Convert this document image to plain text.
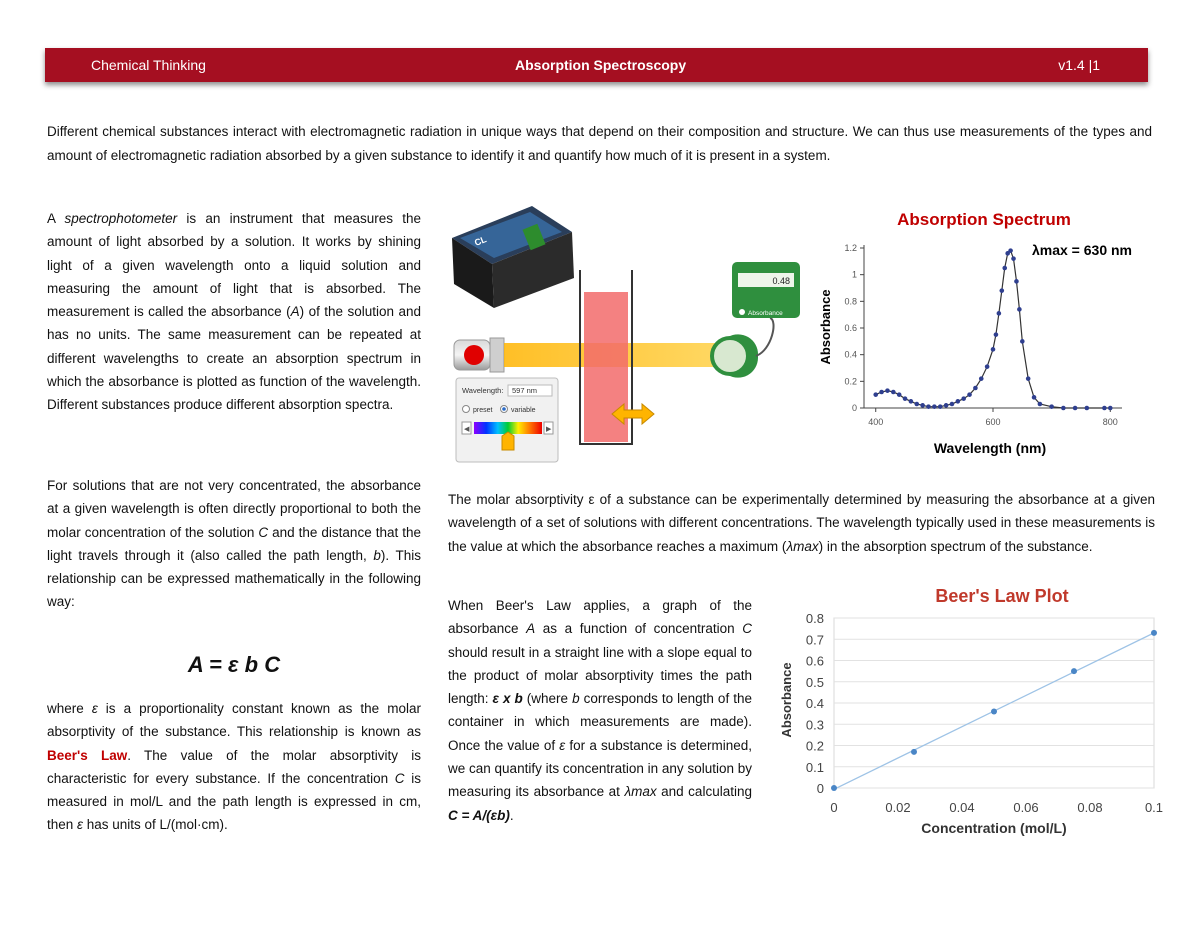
Chemical Thinking	Absorption Spectroscopy	v1.4 |1
Different chemical substances interact with electromagnetic radiation in unique ways that depend on their composition and structure. We can thus use measurements of the types and amount of electromagnetic radiation absorbed by a given substance to identify it and quantify how much of it is present in a system.
A spectrophotometer is an instrument that measures the amount of light absorbed by a solution. It works by shining light of a given wavelength onto a liquid solution and measuring the amount of light that is absorbed. The measurement is called the absorbance (A) of the solution and has no units. The same measurement can be repeated at different wavelengths to create an absorption spectrum in which the absorbance is plotted as function of the wavelength. Different substances produce different absorption spectra.
For solutions that are not very concentrated, the absorbance at a given wavelength is often directly proportional to both the molar concentration of the solution C and the distance that the light travels through it (also called the path length, b). This relationship can be expressed mathematically in the following way:
A = ε b C
where ε is a proportionality constant known as the molar absorptivity of the substance. This relationship is known as Beer's Law. The value of the molar absorptivity is characteristic for every substance. If the concentration C is measured in mol/L and the path length is expressed in cm, then ε has units of L/(mol·cm).
The molar absorptivity ε of a substance can be experimentally determined by measuring the absorbance at a given wavelength of a set of solutions with different concentrations. The wavelength typically used in these measurements is the value at which the absorbance reaches a maximum (λmax) in the absorption spectrum of the substance.
When Beer's Law applies, a graph of the absorbance A as a function of concentration C should result in a straight line with a slope equal to the product of molar absorptivity times the path length: ε x b (where b corresponds to length of the container in which measurements are made). Once the value of ε for a substance is determined, we can quantify its concentration in any solution by measuring its absorbance at λmax and calculating C = A/(εb).
CL
0.48
Absorbance
Wavelength: 597 nm
preset	variable
◀	▶
Absorption Spectrum
λmax = 630 nm
0
0.2
0.4
0.6
0.8
1
1.2
400	600	800
Absorbance
Wavelength (nm)
Beer's Law Plot
0
0.1
0.2
0.3
0.4
0.5
0.6
0.7
0.8
0	0.02	0.04	0.06	0.08	0.1
Absorbance
Concentration (mol/L)
